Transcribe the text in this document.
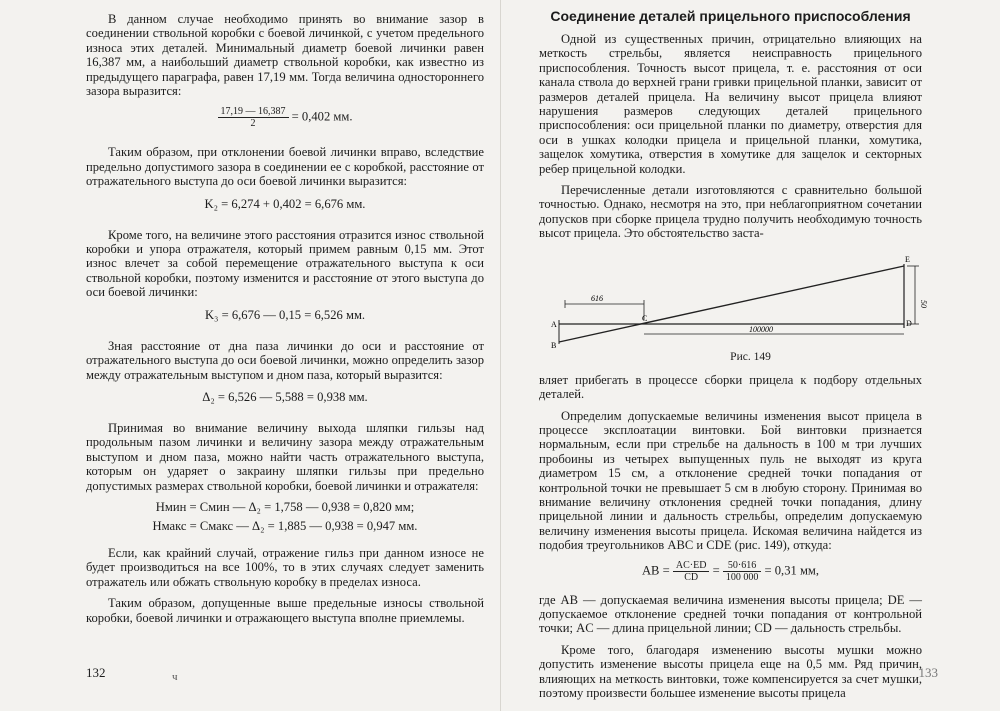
В данном случае необходимо принять во внимание зазор в соединении ствольной коробки с боевой личинкой, с учетом предельного износа этих деталей. Минимальный диаметр боевой личинки равен 16,387 мм, а наибольший диаметр ствольной коробки, как известно из предыдущего параграфа, равен 17,19 мм. Тогда величина одностороннего зазора выразится:

$\frac{17,19 — 16,387}{2} = 0,402$ мм.

Таким образом, при отклонении боевой личинки вправо, вследствие предельно допустимого зазора в соединении ее с коробкой, расстояние от отражательного выступа до оси боевой личинки выразится:

K₂ = 6,274 + 0,402 = 6,676 мм.

Кроме того, на величине этого расстояния отразится износ ствольной коробки и упора отражателя, который примем равным 0,15 мм. Этот износ влечет за собой перемещение отражательного выступа к оси ствольной коробки, поэтому изменится и расстояние от этого выступа до оси боевой личинки:

K₃ = 6,676 — 0,15 = 6,526 мм.

Зная расстояние от дна паза личинки до оси и расстояние от отражательного выступа до оси боевой личинки, можно определить зазор между отражательным выступом и дном паза, который выразится:

Δ₂ = 6,526 — 5,588 = 0,938 мм.

Принимая во внимание величину выхода шляпки гильзы над продольным пазом личинки и величину зазора между отражательным выступом и дном паза, можно найти часть отражательного выступа, которым он ударяет о закраину шляпки гильзы при предельно допустимых размерах ствольной коробки, боевой личинки и отражателя:

Hмин = Cмин — Δ₂ = 1,758 — 0,938 = 0,820 мм;
Hмакс = Cмакс — Δ₂ = 1,885 — 0,938 = 0,947 мм.

Если, как крайний случай, отражение гильз при данном износе не будет производиться на все 100%, то в этих случаях следует заменить отражатель или обжать ствольную коробку в пределах износа.

Таким образом, допущенные выше предельные износы ствольной коробки, боевой личинки и отражающего выступа вполне приемлемы.

132	ч
Соединение деталей прицельного приспособления

Одной из существенных причин, отрицательно влияющих на меткость стрельбы, является неисправность прицельного приспособления. Точность высот прицела, т. е. расстояния от оси канала ствола до верхней грани гривки прицельной планки, зависит от размеров деталей прицела. На величину высот прицела влияют нарушения размеров следующих деталей прицельного приспособления: оси прицельной планки по диаметру, отверстия для оси в ушках колодки прицела и прицельной планки, хомутика, защелок хомутика, отверстия в хомутике для защелок и секторных ребер прицельной колодки.

Перечисленные детали изготовляются с сравнительно большой точностью. Однако, несмотря на это, при неблагоприятном сочетании допусков при сборке прицела трудно получить необходимую точность высот прицела. Это обстоятельство заста-

A
B
C
D
E
616
100000
50
Рис. 149

вляет прибегать в процессе сборки прицела к подбору отдельных деталей.

Определим допускаемые величины изменения высот прицела в процессе эксплоатации винтовки. Бой винтовки признается нормальным, если при стрельбе на дальность в 100 м три лучших пробоины из четырех выпущенных пуль не выходят из круга диаметром 15 см, а отклонение средней точки попадания от контрольной точки не превышает 5 см в любую сторону. Принимая во внимание величину отклонения средней точки попадания, длину прицельной линии и дальность стрельбы, определим допускаемую величину изменения высоты прицела. Искомая величина найдется из подобия треугольников ABC и CDE (рис. 149), откуда:

AB = $\frac{AC\cdot ED}{CD} = \frac{50\cdot 616}{100 000} = 0,31$ мм,

где AB — допускаемая величина изменения высоты прицела; DE — допускаемое отклонение средней точки попадания от контрольной точки; AC — длина прицельной линии; CD — дальность стрельбы.

Кроме того, благодаря изменению высоты мушки можно допустить изменение высоты прицела еще на 0,5 мм. Ряд причин, влияющих на меткость винтовки, тоже компенсируется за счет мушки, поэтому произвести большее изменение высоты прицела

133
